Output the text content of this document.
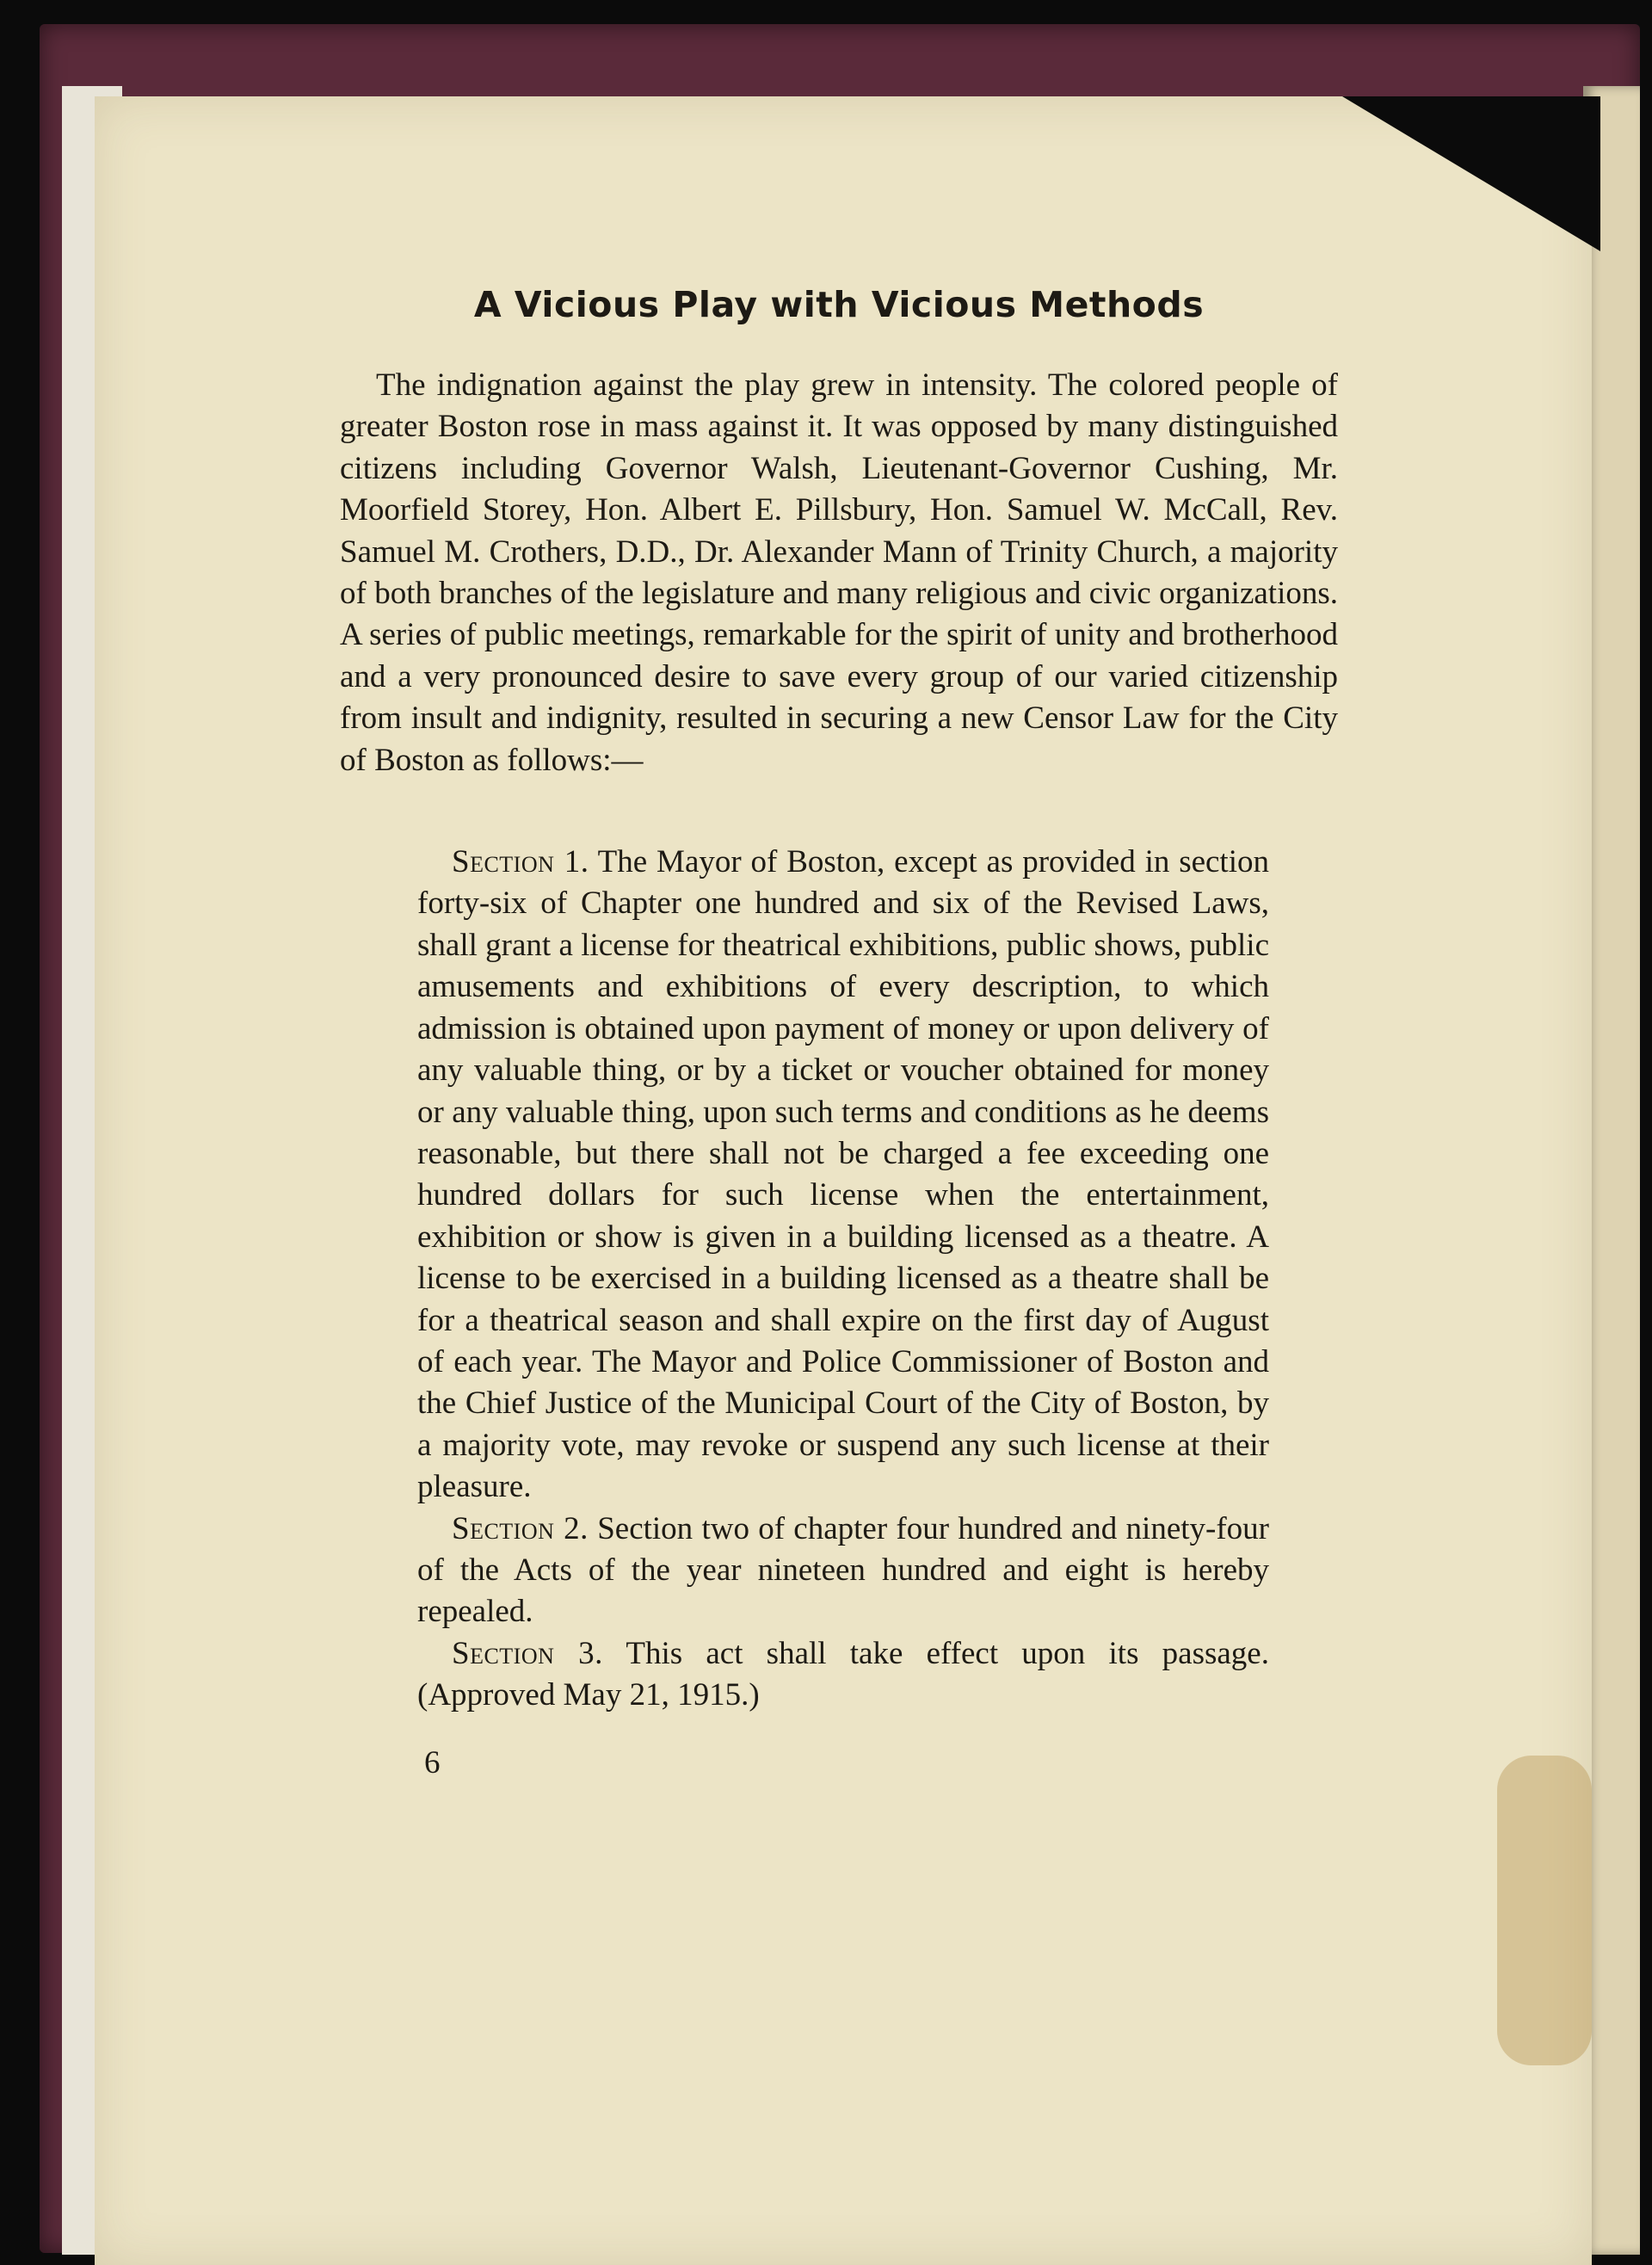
A Vicious Play with Vicious Methods

The indignation against the play grew in intensity. The colored people of greater Boston rose in mass against it. It was opposed by many distinguished citizens including Governor Walsh, Lieutenant-Governor Cushing, Mr. Moorfield Storey, Hon. Albert E. Pillsbury, Hon. Samuel W. McCall, Rev. Samuel M. Crothers, D.D., Dr. Alexander Mann of Trinity Church, a majority of both branches of the legislature and many religious and civic organizations. A series of public meetings, remarkable for the spirit of unity and brotherhood and a very pronounced desire to save every group of our varied citizenship from insult and indignity, resulted in securing a new Censor Law for the City of Boston as follows:—

Section 1. The Mayor of Boston, except as provided in section forty-six of Chapter one hundred and six of the Revised Laws, shall grant a license for theatrical exhibitions, public shows, public amusements and exhibitions of every description, to which admission is obtained upon payment of money or upon delivery of any valuable thing, or by a ticket or voucher obtained for money or any valuable thing, upon such terms and conditions as he deems reasonable, but there shall not be charged a fee exceeding one hundred dollars for such license when the entertainment, exhibition or show is given in a building licensed as a theatre. A license to be exercised in a building licensed as a theatre shall be for a theatrical season and shall expire on the first day of August of each year. The Mayor and Police Commissioner of Boston and the Chief Justice of the Municipal Court of the City of Boston, by a majority vote, may revoke or suspend any such license at their pleasure.

Section 2. Section two of chapter four hundred and ninety-four of the Acts of the year nineteen hundred and eight is hereby repealed.

Section 3. This act shall take effect upon its passage. (Approved May 21, 1915.)

6
